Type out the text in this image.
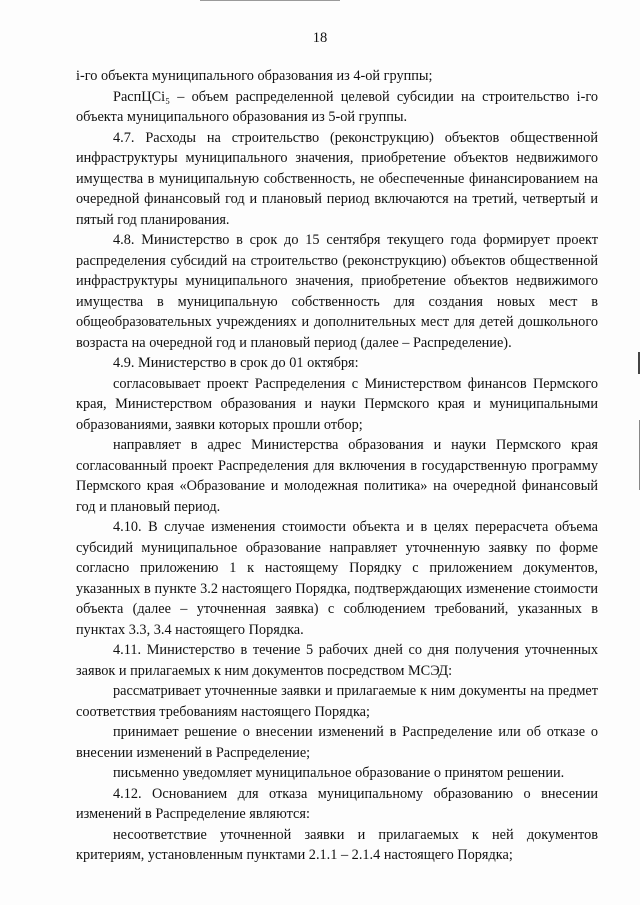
18

i-го объекта муниципального образования из 4-ой группы;

РаспЦСi₅ – объем распределенной целевой субсидии на строительство i-го объекта муниципального образования из 5-ой группы.

4.7. Расходы на строительство (реконструкцию) объектов общественной инфраструктуры муниципального значения, приобретение объектов недвижимого имущества в муниципальную собственность, не обеспеченные финансированием на очередной финансовый год и плановый период включаются на третий, четвертый и пятый год планирования.

4.8. Министерство в срок до 15 сентября текущего года формирует проект распределения субсидий на строительство (реконструкцию) объектов общественной инфраструктуры муниципального значения, приобретение объектов недвижимого имущества в муниципальную собственность для создания новых мест в общеобразовательных учреждениях и дополнительных мест для детей дошкольного возраста на очередной год и плановый период (далее – Распределение).

4.9. Министерство в срок до 01 октября:

согласовывает проект Распределения с Министерством финансов Пермского края, Министерством образования и науки Пермского края и муниципальными образованиями, заявки которых прошли отбор;

направляет в адрес Министерства образования и науки Пермского края согласованный проект Распределения для включения в государственную программу Пермского края «Образование и молодежная политика» на очередной финансовый год и плановый период.

4.10. В случае изменения стоимости объекта и в целях перерасчета объема субсидий муниципальное образование направляет уточненную заявку по форме согласно приложению 1 к настоящему Порядку с приложением документов, указанных в пункте 3.2 настоящего Порядка, подтверждающих изменение стоимости объекта (далее – уточненная заявка) с соблюдением требований, указанных в пунктах 3.3, 3.4 настоящего Порядка.

4.11. Министерство в течение 5 рабочих дней со дня получения уточненных заявок и прилагаемых к ним документов посредством МСЭД:

рассматривает уточненные заявки и прилагаемые к ним документы на предмет соответствия требованиям настоящего Порядка;

принимает решение о внесении изменений в Распределение или об отказе о внесении изменений в Распределение;

письменно уведомляет муниципальное образование о принятом решении.

4.12. Основанием для отказа муниципальному образованию о внесении изменений в Распределение являются:

несоответствие уточненной заявки и прилагаемых к ней документов критериям, установленным пунктами 2.1.1 – 2.1.4 настоящего Порядка;
